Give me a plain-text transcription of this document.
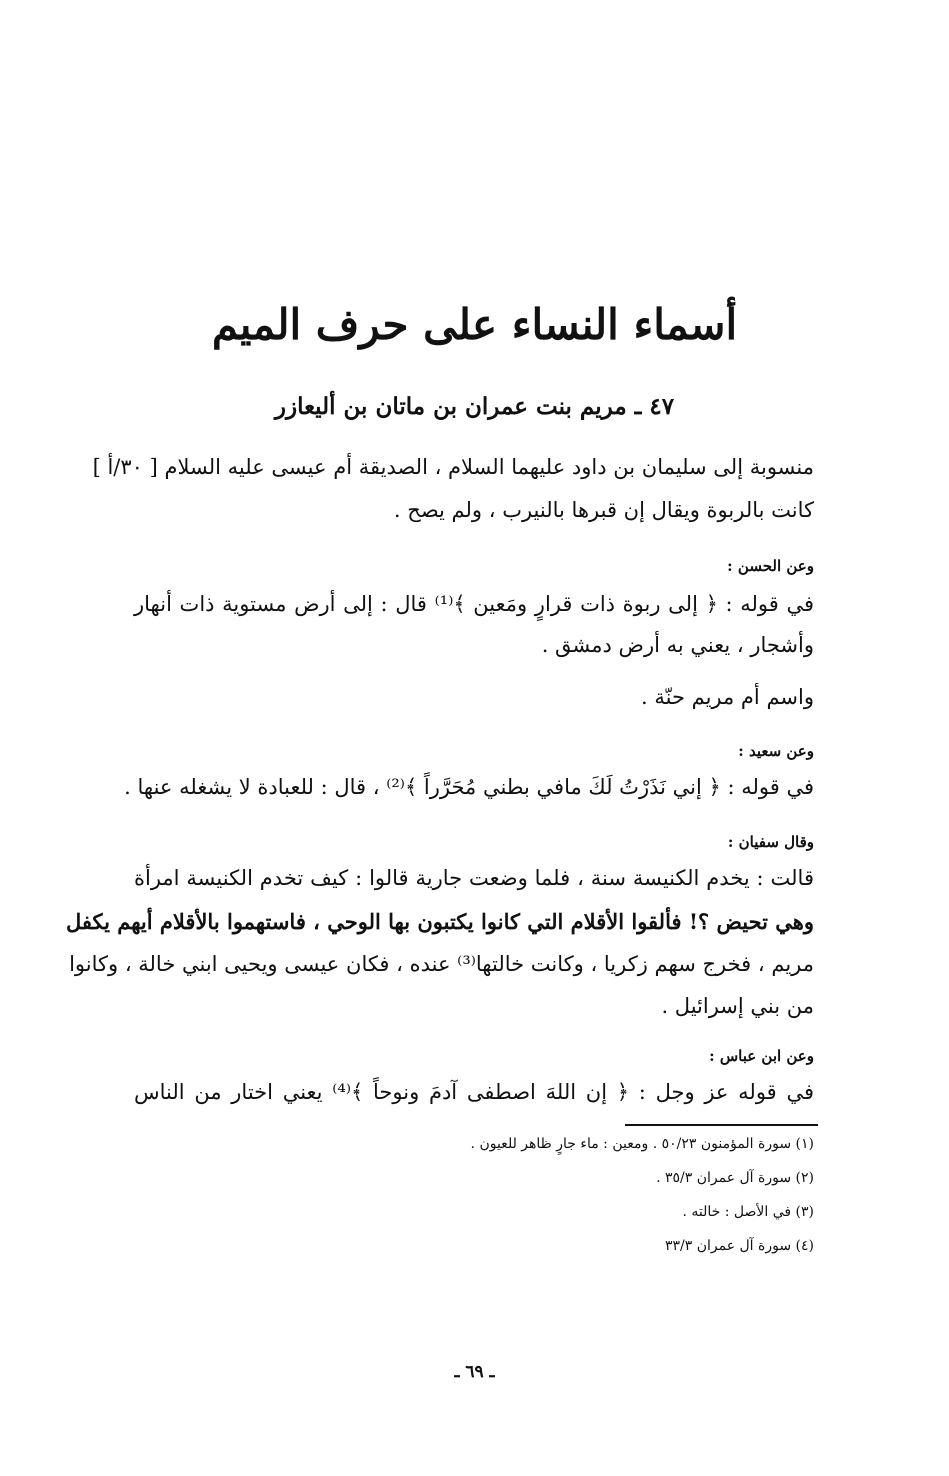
أسماء النساء على حرف الميم
٤٧ ـ مريم بنت عمران بن ماتان بن أليعازر
منسوبة إلى سليمان بن داود عليهما السلام ، الصديقة أم عيسى عليه السلام [ ٣٠/أ ]
كانت بالربوة ويقال إن قبرها بالنيرب ، ولم يصح .
وعن الحسن :
في قوله : ﴿ إلى ربوة ذات قرارٍ ومَعين ﴾⁽¹⁾ قال : إلى أرض مستوية ذات أنهار
وأشجار ، يعني به أرض دمشق .
واسم أم مريم حنّة .
وعن سعيد :
في قوله : ﴿ إني نَذَرْتُ لَكَ مافي بطني مُحَرَّراً ﴾⁽²⁾ ، قال : للعبادة لا يشغله عنها .
وقال سفيان :
قالت : يخدم الكنيسة سنة ، فلما وضعت جارية قالوا : كيف تخدم الكنيسة امرأة
وهي تحيض ؟! فألقوا الأقلام التي كانوا يكتبون بها الوحي ، فاستهموا بالأقلام أيهم يكفل
مريم ، فخرج سهم زكريا ، وكانت خالتها⁽³⁾ عنده ، فكان عيسى ويحيى ابني خالة ، وكانوا
من بني إسرائيل .
وعن ابن عباس :
في قوله عز وجل : ﴿ إن اللهَ اصطفى آدمَ ونوحاً ﴾⁽⁴⁾ يعني اختار من الناس
(١) سورة المؤمنون ٥٠/٢٣ . ومعين : ماء جارٍ ظاهر للعيون .
(٢) سورة آل عمران ٣٥/٣ .
(٣) في الأصل : خالته .
(٤) سورة آل عمران ٣٣/٣
ـ ٦٩ ـ
